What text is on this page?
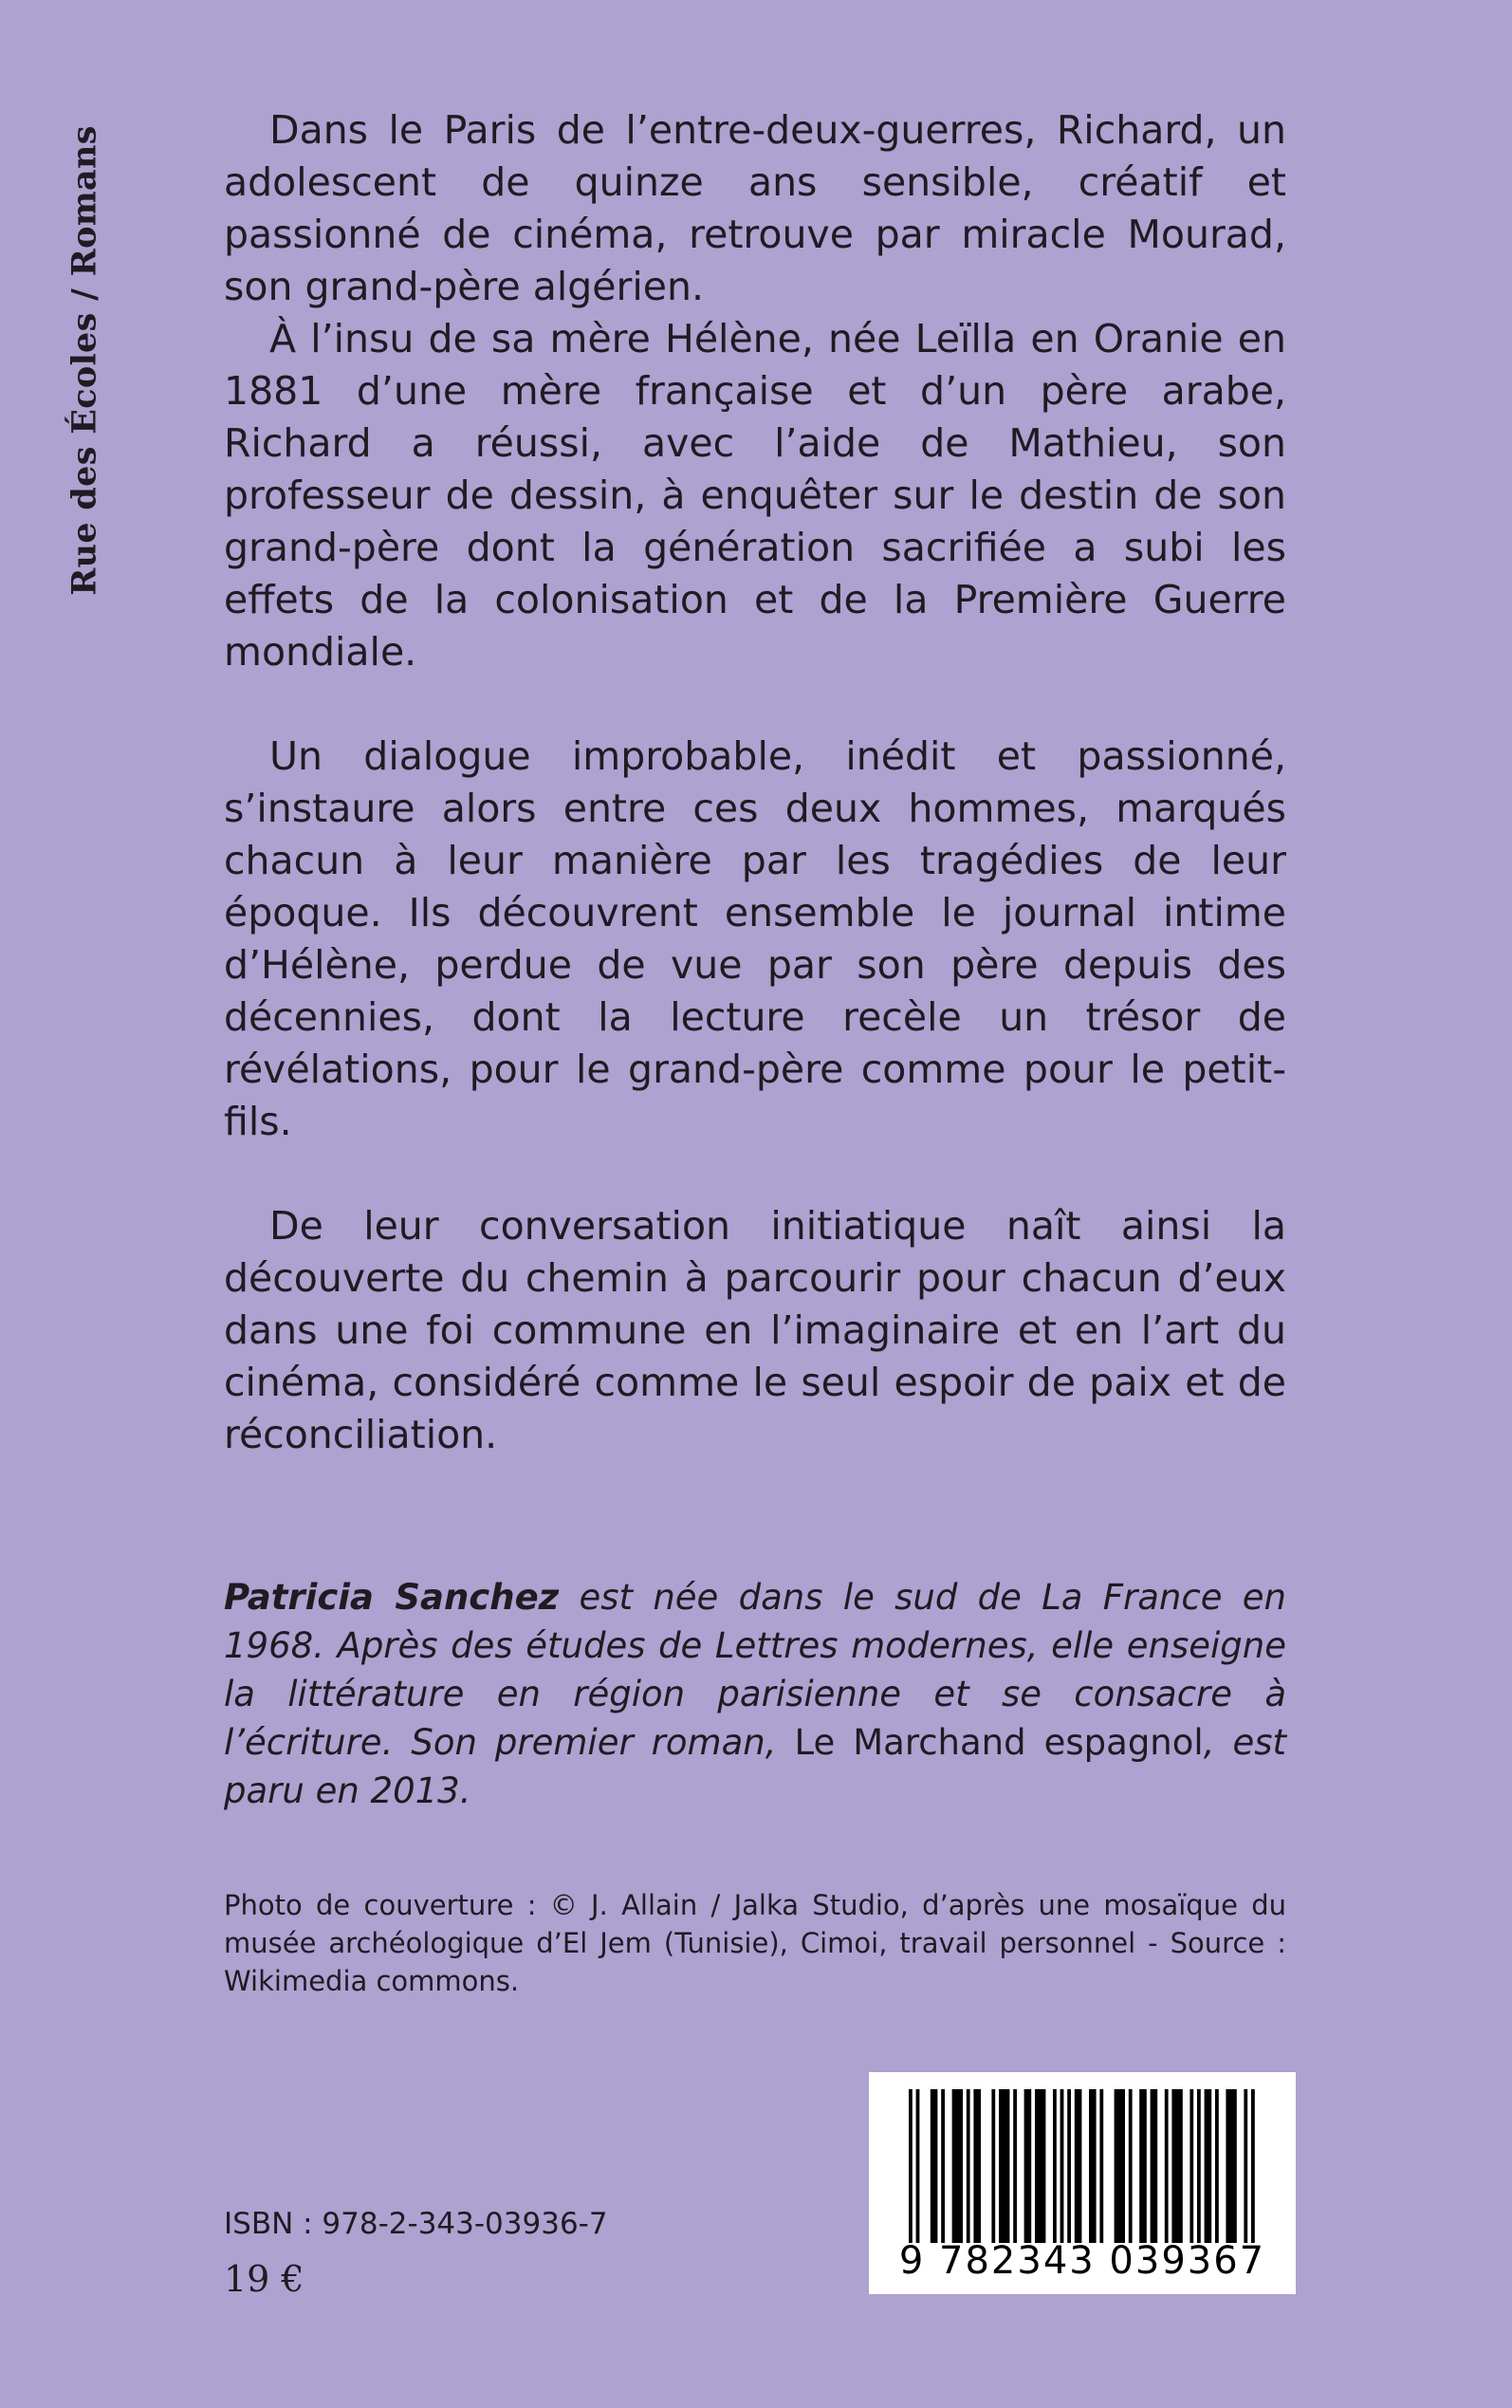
Rue des Écoles / Romans	Dans le Paris de l’entre-deux-guerres, Richard, un adolescent de quinze ans sensible, créatif et passionné de cinéma, retrouve par miracle Mourad, son grand-père algérien.

À l’insu de sa mère Hélène, née Leïlla en Oranie en 1881 d’une mère française et d’un père arabe, Richard a réussi, avec l’aide de Mathieu, son professeur de dessin, à enquêter sur le destin de son grand-père dont la génération sacrifiée a subi les effets de la colonisation et de la Première Guerre mondiale.

Un dialogue improbable, inédit et passionné, s’instaure alors entre ces deux hommes, marqués chacun à leur manière par les tragédies de leur époque. Ils découvrent ensemble le journal intime d’Hélène, perdue de vue par son père depuis des décennies, dont la lecture recèle un trésor de révélations, pour le grand-père comme pour le petit-fils.

De leur conversation initiatique naît ainsi la découverte du chemin à parcourir pour chacun d’eux dans une foi commune en l’imaginaire et en l’art du cinéma, considéré comme le seul espoir de paix et de réconciliation.

Patricia Sanchez est née dans le sud de La France en 1968. Après des études de Lettres modernes, elle enseigne la littérature en région parisienne et se consacre à l’écriture. Son premier roman, Le Marchand espagnol, est paru en 2013.
Photo de couverture : © J. Allain / Jalka Studio, d’après une mosaïque du musée archéologique d’El Jem (Tunisie), Cimoi, travail personnel - Source : Wikimedia commons.
ISBN : 978-2-343-03936-7
19 €	9 782343 039367
